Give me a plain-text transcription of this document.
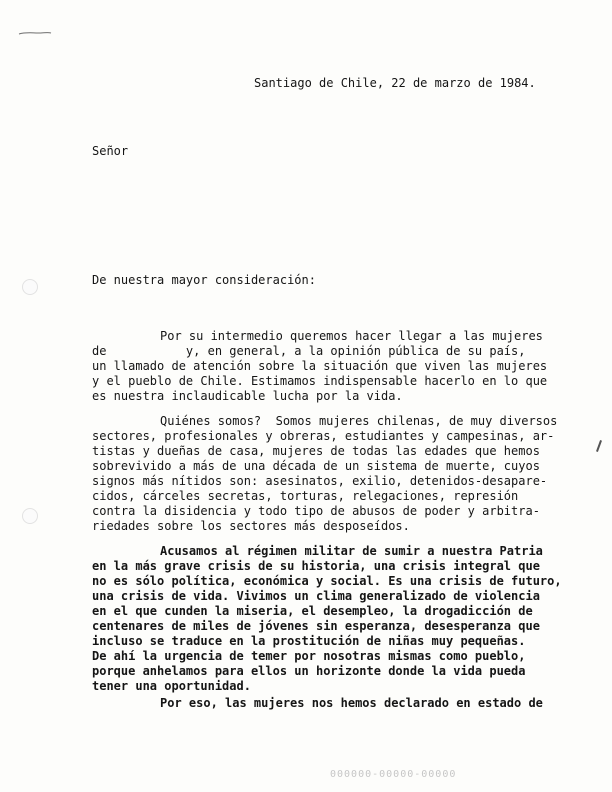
Santiago de Chile, 22 de marzo de 1984.
Señor
De nuestra mayor consideración:
Por su intermedio queremos hacer llegar a las mujeres
de           y, en general, a la opinión pública de su país,
un llamado de atención sobre la situación que viven las mujeres
y el pueblo de Chile. Estimamos indispensable hacerlo en lo que
es nuestra inclaudicable lucha por la vida.
Quiénes somos?  Somos mujeres chilenas, de muy diversos
sectores, profesionales y obreras, estudiantes y campesinas, ar-
tistas y dueñas de casa, mujeres de todas las edades que hemos
sobrevivido a más de una década de un sistema de muerte, cuyos
signos más nítidos son: asesinatos, exilio, detenidos-desapare-
cidos, cárceles secretas, torturas, relegaciones, represión
contra la disidencia y todo tipo de abusos de poder y arbitra-
riedades sobre los sectores más desposeídos.
Acusamos al régimen militar de sumir a nuestra Patria
en la más grave crisis de su historia, una crisis integral que
no es sólo política, económica y social. Es una crisis de futuro,
una crisis de vida. Vivimos un clima generalizado de violencia
en el que cunden la miseria, el desempleo, la drogadicción de
centenares de miles de jóvenes sin esperanza, desesperanza que
incluso se traduce en la prostitución de niñas muy pequeñas.
De ahí la urgencia de temer por nosotras mismas como pueblo,
porque anhelamos para ellos un horizonte donde la vida pueda
tener una oportunidad.
Por eso, las mujeres nos hemos declarado en estado de
000000-00000-00000
